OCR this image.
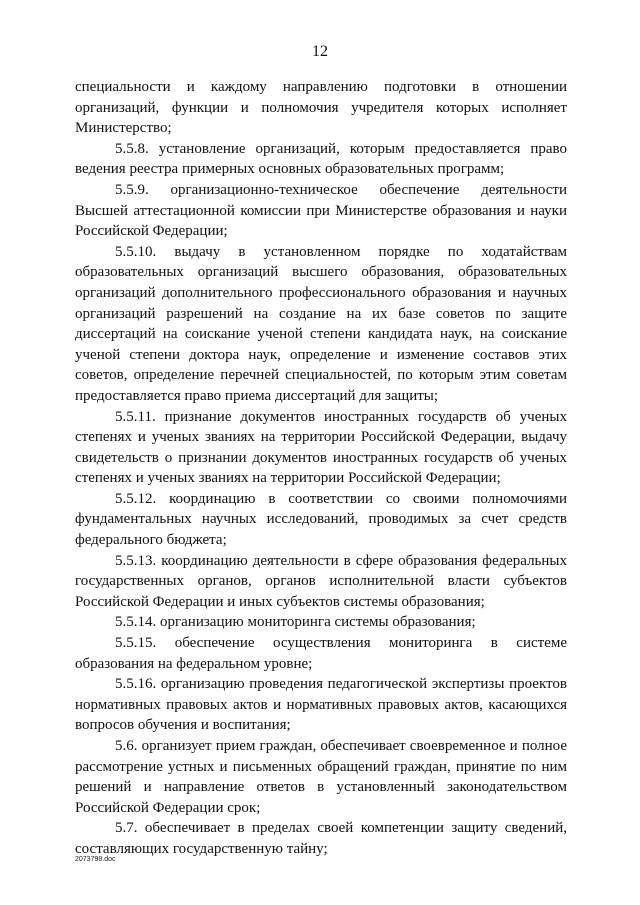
12

специальности и каждому направлению подготовки в отношении организаций, функции и полномочия учредителя которых исполняет Министерство;

5.5.8. установление организаций, которым предоставляется право ведения реестра примерных основных образовательных программ;

5.5.9. организационно-техническое обеспечение деятельности Высшей аттестационной комиссии при Министерстве образования и науки Российской Федерации;

5.5.10. выдачу в установленном порядке по ходатайствам образовательных организаций высшего образования, образовательных организаций дополнительного профессионального образования и научных организаций разрешений на создание на их базе советов по защите диссертаций на соискание ученой степени кандидата наук, на соискание ученой степени доктора наук, определение и изменение составов этих советов, определение перечней специальностей, по которым этим советам предоставляется право приема диссертаций для защиты;

5.5.11. признание документов иностранных государств об ученых степенях и ученых званиях на территории Российской Федерации, выдачу свидетельств о признании документов иностранных государств об ученых степенях и ученых званиях на территории Российской Федерации;

5.5.12. координацию в соответствии со своими полномочиями фундаментальных научных исследований, проводимых за счет средств федерального бюджета;

5.5.13. координацию деятельности в сфере образования федеральных государственных органов, органов исполнительной власти субъектов Российской Федерации и иных субъектов системы образования;

5.5.14. организацию мониторинга системы образования;

5.5.15. обеспечение осуществления мониторинга в системе образования на федеральном уровне;

5.5.16. организацию проведения педагогической экспертизы проектов нормативных правовых актов и нормативных правовых актов, касающихся вопросов обучения и воспитания;

5.6. организует прием граждан, обеспечивает своевременное и полное рассмотрение устных и письменных обращений граждан, принятие по ним решений и направление ответов в установленный законодательством Российской Федерации срок;

5.7. обеспечивает в пределах своей компетенции защиту сведений, составляющих государственную тайну;

2073798.doc
